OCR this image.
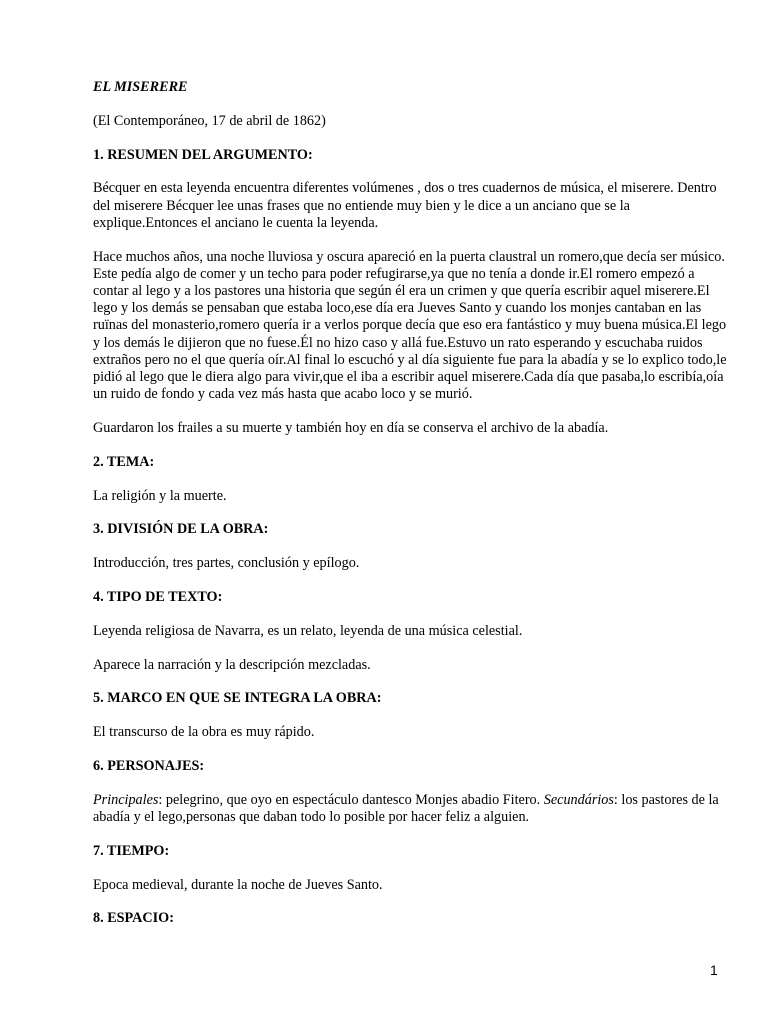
EL MISERERE

(El Contemporáneo, 17 de abril de 1862)

1. RESUMEN DEL ARGUMENTO:

Bécquer en esta leyenda encuentra diferentes volúmenes , dos o tres cuadernos de música, el miserere. Dentro del miserere Bécquer lee unas frases que no entiende muy bien y le dice a un anciano que se la explique.Entonces el anciano le cuenta la leyenda.

Hace muchos años, una noche lluviosa y oscura apareció en la puerta claustral un romero,que decía ser músico. Este pedía algo de comer y un techo para poder refugirarse,ya que no tenía a donde ir.El romero empezó a contar al lego y a los pastores una historia que según él era un crimen y que quería escribir aquel miserere.El lego y los demás se pensaban que estaba loco,ese día era Jueves Santo y cuando los monjes cantaban en las ruïnas del monasterio,romero quería ir a verlos porque decía que eso era fantástico y muy buena música.El lego y los demás le dijieron que no fuese.Él no hizo caso y allá fue.Estuvo un rato esperando y escuchaba ruidos extraños pero no el que quería oír.Al final lo escuchó y al día siguiente fue para la abadía y se lo explico todo,le pidió al lego que le diera algo para vivir,que el iba a escribir aquel miserere.Cada día que pasaba,lo escribía,oía un ruido de fondo y cada vez más hasta que acabo loco y se murió.

Guardaron los frailes a su muerte y también hoy en día se conserva el archivo de la abadía.

2. TEMA:

La religión y la muerte.

3. DIVISIÓN DE LA OBRA:

Introducción, tres partes, conclusión y epílogo.

4. TIPO DE TEXTO:

Leyenda religiosa de Navarra, es un relato, leyenda de una música celestial.

Aparece la narración y la descripción mezcladas.

5. MARCO EN QUE SE INTEGRA LA OBRA:

El transcurso de la obra es muy rápido.

6. PERSONAJES:

Principales: pelegrino, que oyo en espectáculo dantesco Monjes abadio Fitero. Secundários: los pastores de la abadía y el lego,personas que daban todo lo posible por hacer feliz a alguien.

7. TIEMPO:

Epoca medieval, durante la noche de Jueves Santo.

8. ESPACIO:

1
